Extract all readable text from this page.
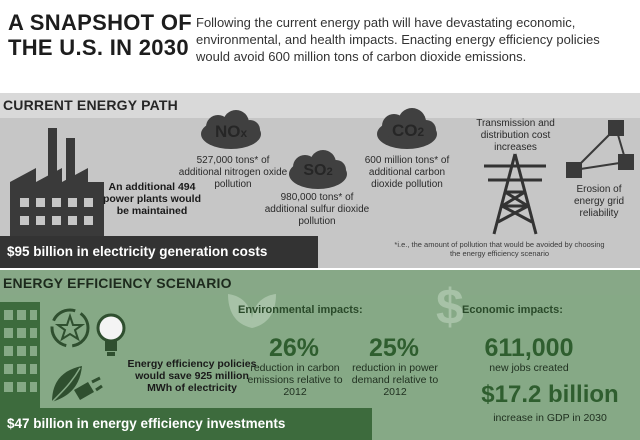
A SNAPSHOT OF THE U.S. IN 2030
Following the current energy path will have devastating economic, environmental, and health impacts. Enacting energy efficiency policies would avoid 600 million tons of carbon dioxide emissions.
CURRENT ENERGY PATH
An additional 494 power plants would be maintained
NOx
527,000 tons* of additional nitrogen oxide pollution
SO2
980,000 tons* of additional sulfur dioxide pollution
CO2
600 million tons* of additional carbon dioxide pollution
Transmission and distribution cost increases
Erosion of energy grid reliability
$95 billion in electricity generation costs	*i.e., the amount of pollution that would be avoided by choosing the energy efficiency scenario
ENERGY EFFICIENCY SCENARIO
Energy efficiency policies would save 925 million MWh of electricity
Environmental impacts:
26%
reduction in carbon emissions relative to 2012
25%
reduction in power demand relative to 2012
$
Economic impacts:
611,000
new jobs created
$17.2 billion
increase in GDP in 2030
$47 billion in energy efficiency investments
